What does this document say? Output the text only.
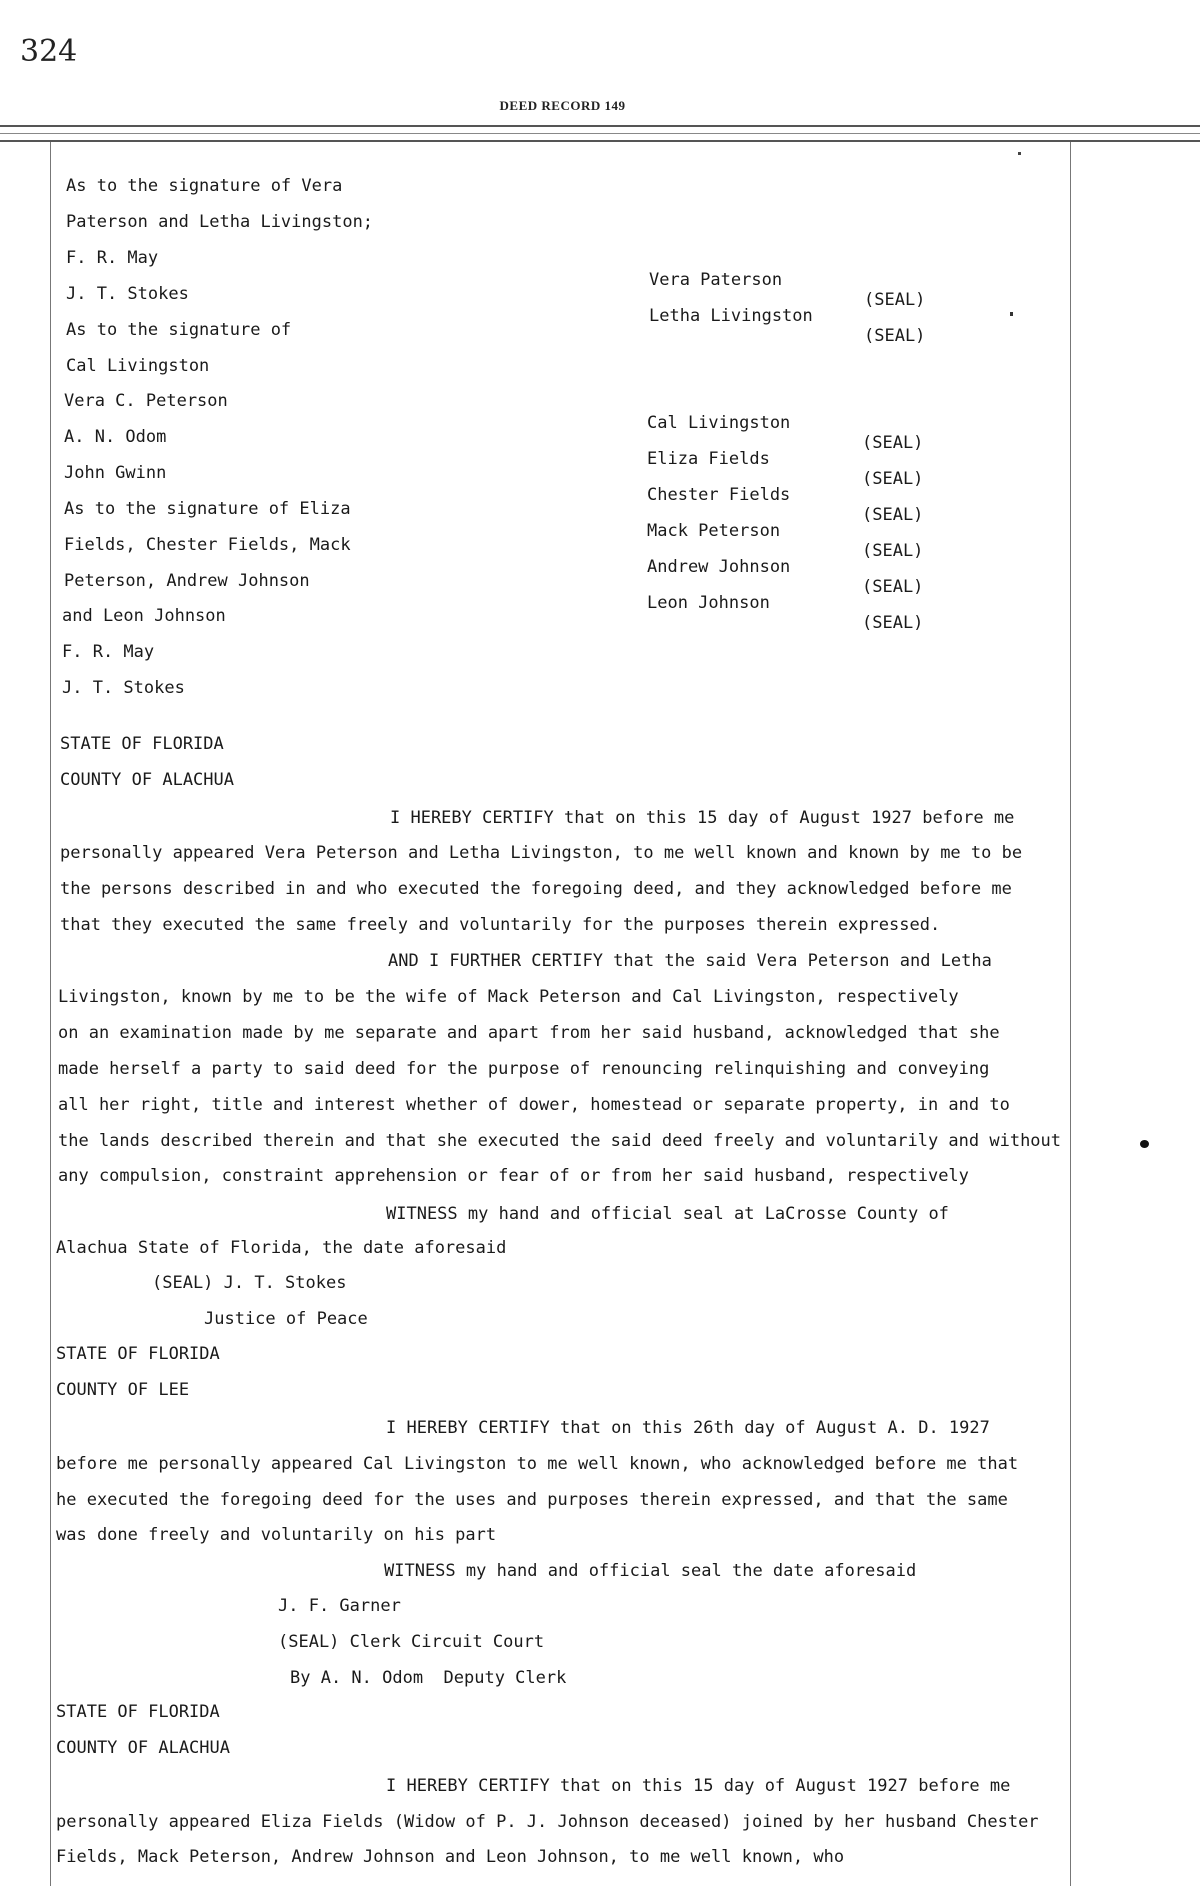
324
DEED RECORD 149
As to the signature of Vera
Paterson and Letha Livingston;
F. R. May
J. T. Stokes
As to the signature of
Cal Livingston
Vera C. Peterson
A. N. Odom
John Gwinn
As to the signature of Eliza
Fields, Chester Fields, Mack
Peterson, Andrew Johnson
and Leon Johnson
F. R. May
J. T. Stokes

Vera Paterson

(SEAL)

Letha Livingston

(SEAL)

Cal Livingston

(SEAL)

Eliza Fields

(SEAL)

Chester Fields

(SEAL)

Mack Peterson

(SEAL)

Andrew Johnson

(SEAL)

Leon Johnson

(SEAL)

STATE OF FLORIDA
COUNTY OF ALACHUA
I HEREBY CERTIFY that on this 15 day of August 1927 before me
personally appeared Vera Peterson and Letha Livingston, to me well known and known by me to be
the persons described in and who executed the foregoing deed, and they acknowledged before me
that they executed the same freely and voluntarily for the purposes therein expressed.
AND I FURTHER CERTIFY that the said Vera Peterson and Letha
Livingston, known by me to be the wife of Mack Peterson and Cal Livingston, respectively
on an examination made by me separate and apart from her said husband, acknowledged that she
made herself a party to said deed for the purpose of renouncing relinquishing and conveying
all her right, title and interest whether of dower, homestead or separate property, in and to
the lands described therein and that she executed the said deed freely and voluntarily and without
any compulsion, constraint apprehension or fear of or from her said husband, respectively
WITNESS my hand and official seal at LaCrosse County of
Alachua State of Florida, the date aforesaid
(SEAL) J. T. Stokes
Justice of Peace
STATE OF FLORIDA
COUNTY OF LEE
I HEREBY CERTIFY that on this 26th day of August A. D. 1927
before me personally appeared Cal Livingston to me well known, who acknowledged before me that
he executed the foregoing deed for the uses and purposes therein expressed, and that the same
was done freely and voluntarily on his part
WITNESS my hand and official seal the date aforesaid
J. F. Garner
(SEAL) Clerk Circuit Court
By A. N. Odom  Deputy Clerk
STATE OF FLORIDA
COUNTY OF ALACHUA
I HEREBY CERTIFY that on this 15 day of August 1927 before me
personally appeared Eliza Fields (Widow of P. J. Johnson deceased) joined by her husband Chester
Fields, Mack Peterson, Andrew Johnson and Leon Johnson, to me well known, who
